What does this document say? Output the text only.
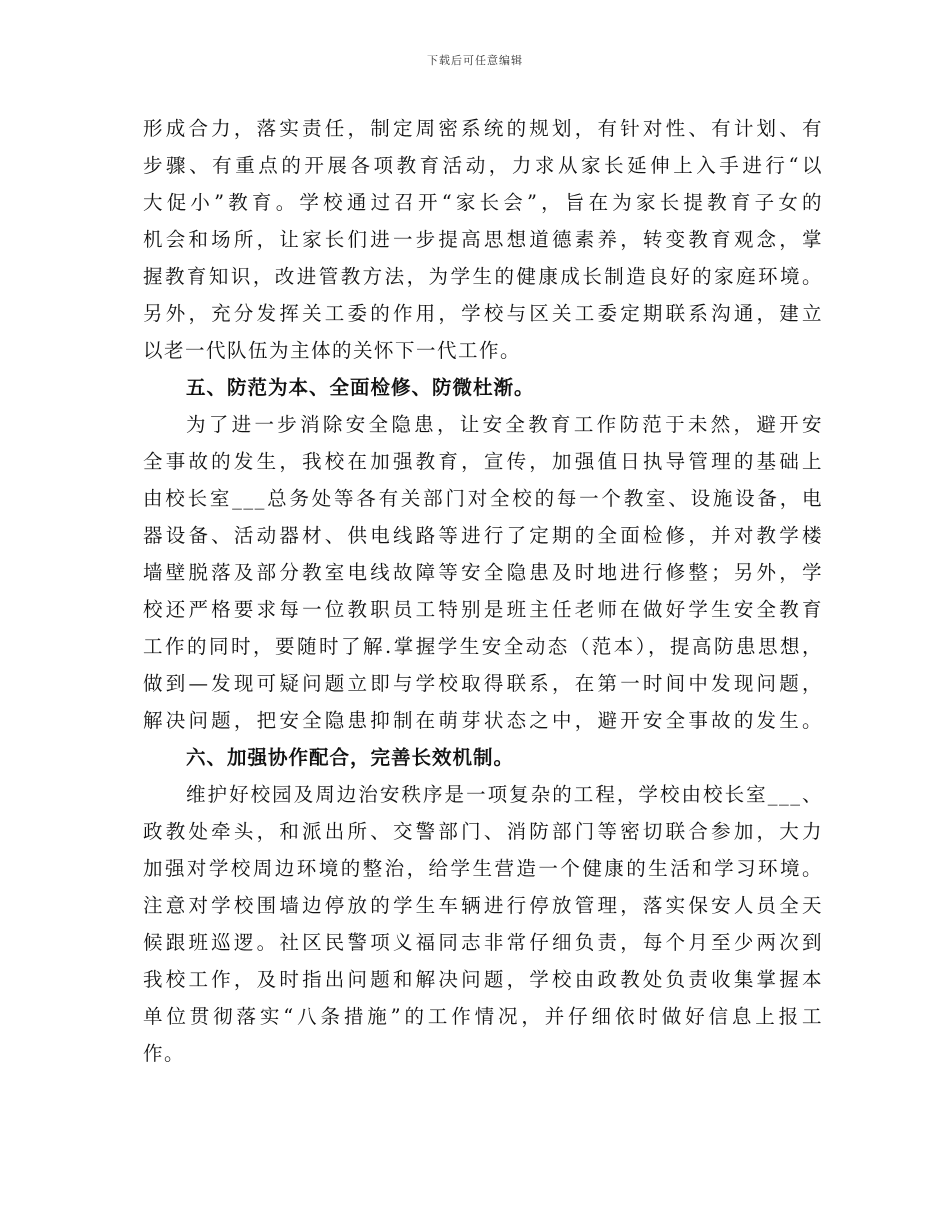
下载后可任意编辑
形成合力，落实责任，制定周密系统的规划，有针对性、有计划、有
步骤、有重点的开展各项教育活动，力求从家长延伸上入手进行“以
大促小”教育。学校通过召开“家长会”，旨在为家长提教育子女的
机会和场所，让家长们进一步提高思想道德素养，转变教育观念，掌
握教育知识，改进管教方法，为学生的健康成长制造良好的家庭环境。
另外，充分发挥关工委的作用，学校与区关工委定期联系沟通，建立
以老一代队伍为主体的关怀下一代工作。
五、防范为本、全面检修、防微杜渐。
为了进一步消除安全隐患，让安全教育工作防范于未然，避开安
全事故的发生，我校在加强教育，宣传，加强值日执导管理的基础上
由校长室___总务处等各有关部门对全校的每一个教室、设施设备，电
器设备、活动器材、供电线路等进行了定期的全面检修，并对教学楼
墙壁脱落及部分教室电线故障等安全隐患及时地进行修整；另外，学
校还严格要求每一位教职员工特别是班主任老师在做好学生安全教育
工作的同时，要随时了解.掌握学生安全动态（范本），提高防患思想，
做到—发现可疑问题立即与学校取得联系，在第一时间中发现问题，
解决问题，把安全隐患抑制在萌芽状态之中，避开安全事故的发生。
六、加强协作配合，完善长效机制。
维护好校园及周边治安秩序是一项复杂的工程，学校由校长室___、
政教处牵头，和派出所、交警部门、消防部门等密切联合参加，大力
加强对学校周边环境的整治，给学生营造一个健康的生活和学习环境。
注意对学校围墙边停放的学生车辆进行停放管理，落实保安人员全天
候跟班巡逻。社区民警项义福同志非常仔细负责，每个月至少两次到
我校工作，及时指出问题和解决问题，学校由政教处负责收集掌握本
单位贯彻落实“八条措施”的工作情况，并仔细依时做好信息上报工
作。
